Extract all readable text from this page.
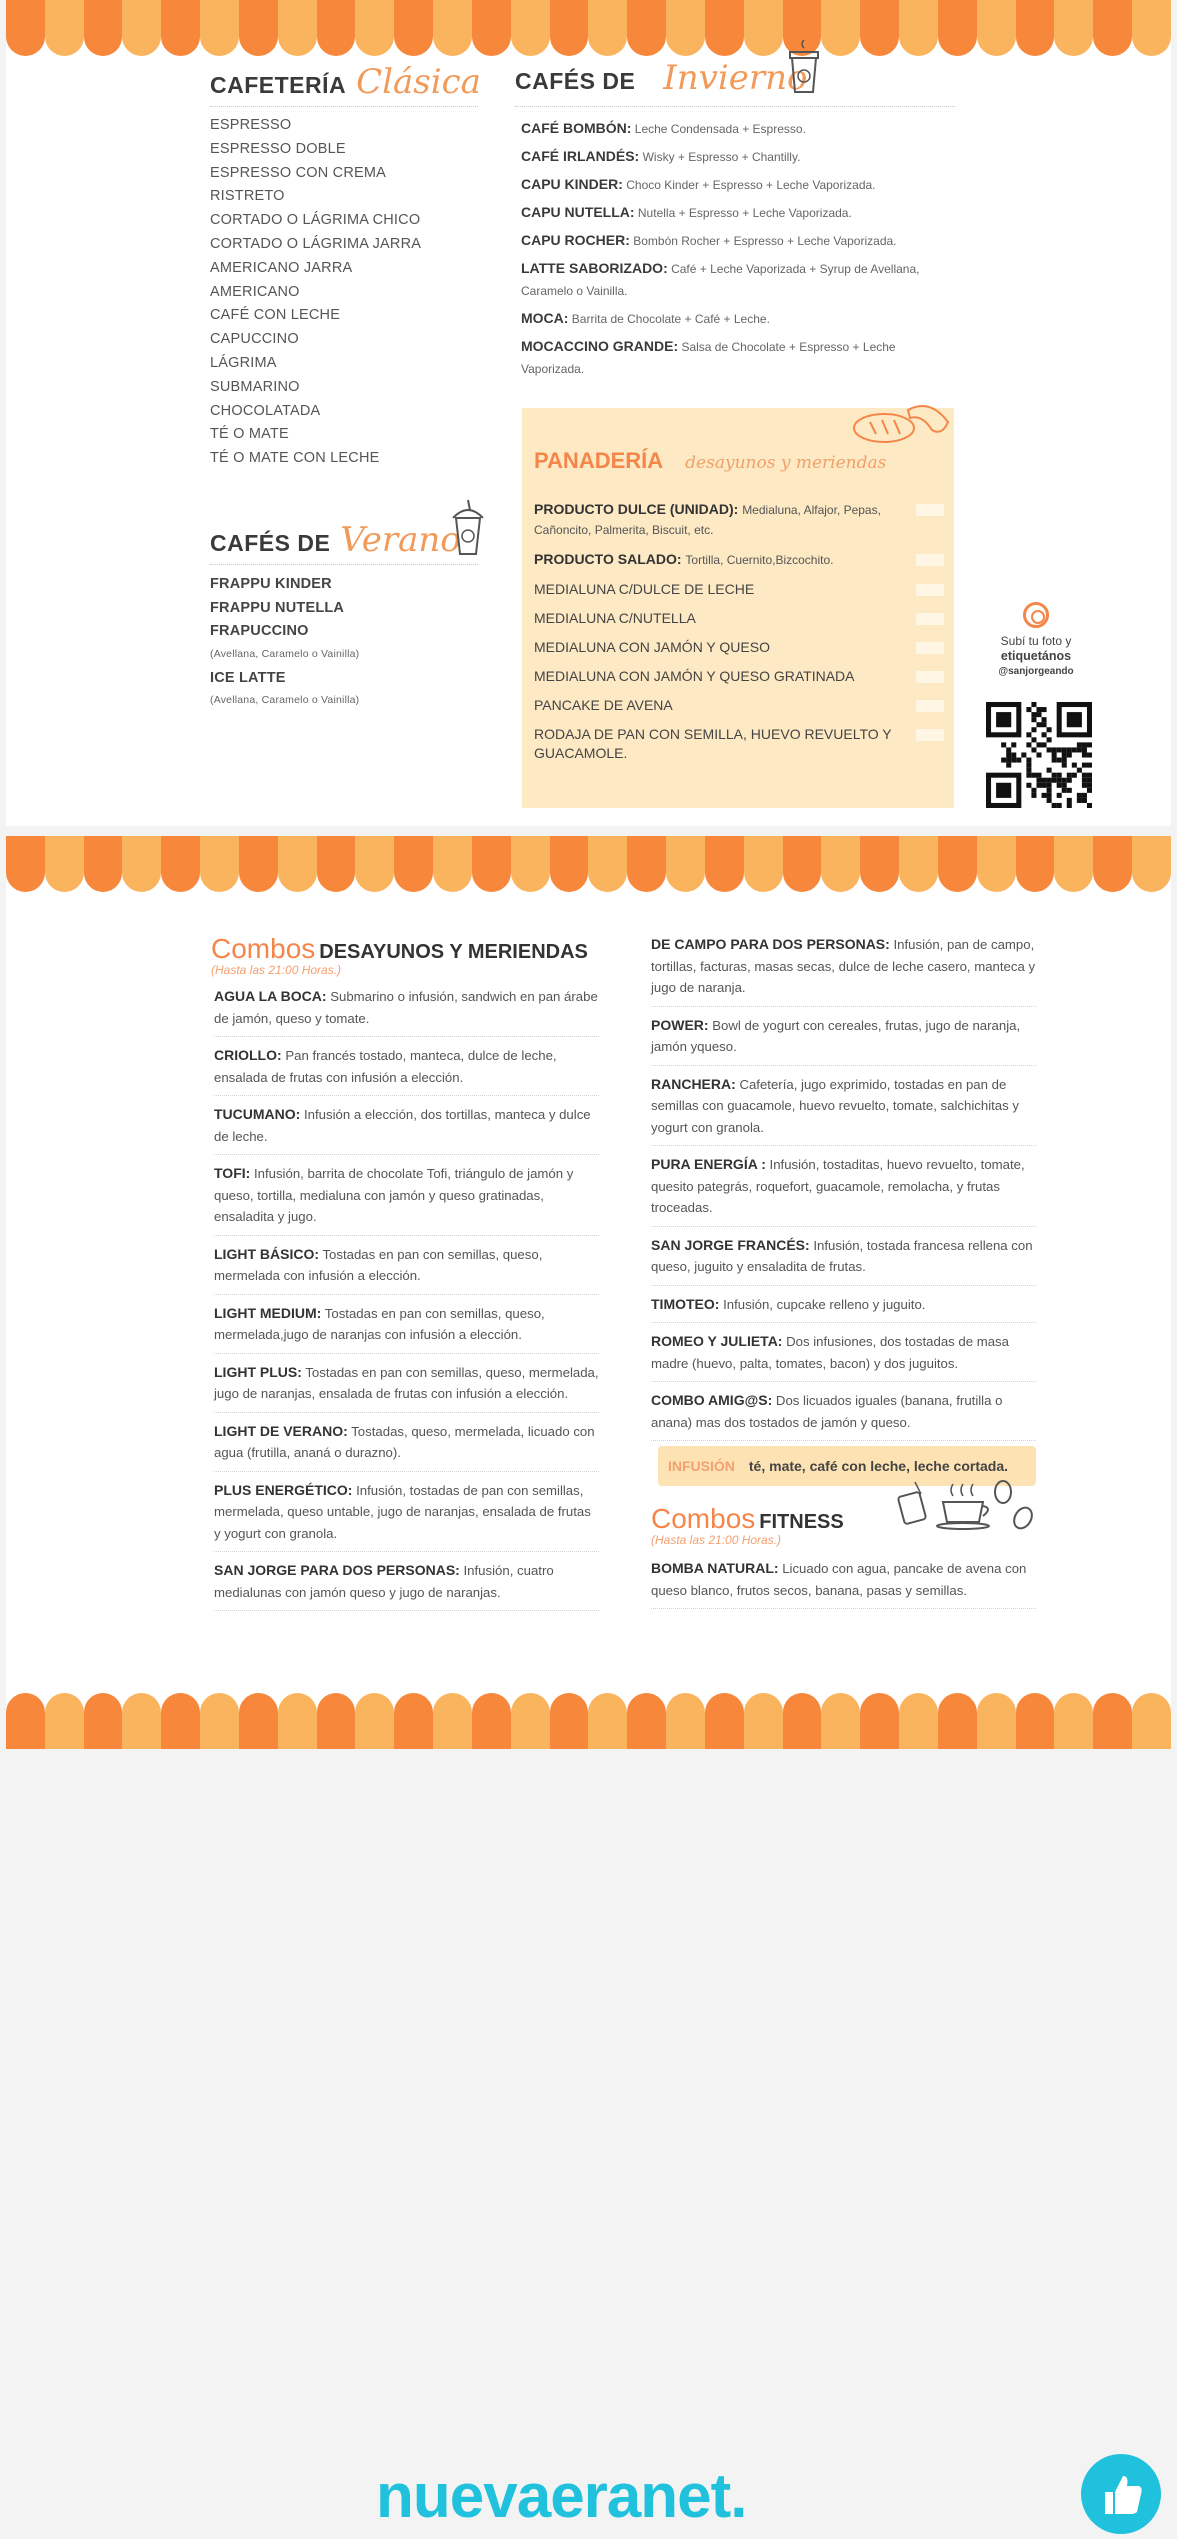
CAFETERÍA Clásica
ESPRESSO
ESPRESSO DOBLE
ESPRESSO CON CREMA
RISTRETO
CORTADO O LÁGRIMA CHICO
CORTADO O LÁGRIMA JARRA
AMERICANO JARRA
AMERICANO
CAFÉ CON LECHE
CAPUCCINO
LÁGRIMA
SUBMARINO
CHOCOLATADA
TÉ O MATE
TÉ O MATE CON LECHE
CAFÉS DE Verano
FRAPPU KINDER
FRAPPU NUTELLA
FRAPUCCINO
(Avellana, Caramelo o Vainilla)
ICE LATTE
(Avellana, Caramelo o Vainilla)
CAFÉS DE Invierno

CAFÉ BOMBÓN: Leche Condensada + Espresso.

CAFÉ IRLANDÉS: Wisky + Espresso + Chantilly.

CAPU KINDER: Choco Kinder + Espresso + Leche Vaporizada.

CAPU NUTELLA: Nutella + Espresso + Leche Vaporizada.

CAPU ROCHER: Bombón Rocher + Espresso + Leche Vaporizada.

LATTE SABORIZADO: Café + Leche Vaporizada + Syrup de Avellana, Caramelo o Vainilla.

MOCA: Barrita de Chocolate + Café + Leche.

MOCACCINO GRANDE: Salsa de Chocolate + Espresso + Leche Vaporizada.

PANADERÍA desayunos y meriendas
PRODUCTO DULCE (UNIDAD): Medialuna, Alfajor, Pepas, Cañoncito, Palmerita, Biscuit, etc.
PRODUCTO SALADO: Tortilla, Cuernito,Bizcochito.
MEDIALUNA C/DULCE DE LECHE
MEDIALUNA C/NUTELLA
MEDIALUNA CON JAMÓN Y QUESO
MEDIALUNA CON JAMÓN Y QUESO GRATINADA
PANCAKE DE AVENA
RODAJA DE PAN CON SEMILLA, HUEVO REVUELTO Y GUACAMOLE.

Subí tu foto y

etiquetános

@sanjorgeando

Combos DESAYUNOS Y MERIENDAS
(Hasta las 21:00 Horas.)

AGUA LA BOCA: Submarino o infusión, sandwich en pan árabe de jamón, queso y tomate.

CRIOLLO: Pan francés tostado, manteca, dulce de leche, ensalada de frutas con infusión a elección.

TUCUMANO: Infusión a elección, dos tortillas, manteca y dulce de leche.

TOFI: Infusión, barrita de chocolate Tofi, triángulo de jamón y queso, tortilla, medialuna con jamón y queso gratinadas, ensaladita y jugo.

LIGHT BÁSICO: Tostadas en pan con semillas, queso, mermelada con infusión a elección.

LIGHT MEDIUM: Tostadas en pan con semillas, queso, mermelada,jugo de naranjas con infusión a elección.

LIGHT PLUS: Tostadas en pan con semillas, queso, mermelada, jugo de naranjas, ensalada de frutas con infusión a elección.

LIGHT DE VERANO: Tostadas, queso, mermelada, licuado con agua (frutilla, ananá o durazno).

PLUS ENERGÉTICO: Infusión, tostadas de pan con semillas, mermelada, queso untable, jugo de naranjas, ensalada de frutas y yogurt con granola.

SAN JORGE PARA DOS PERSONAS: Infusión, cuatro medialunas con jamón queso y jugo de naranjas.

DE CAMPO PARA DOS PERSONAS: Infusión, pan de campo, tortillas, facturas, masas secas, dulce de leche casero, manteca y jugo de naranja.

POWER: Bowl de yogurt con cereales, frutas, jugo de naranja, jamón yqueso.

RANCHERA: Cafetería, jugo exprimido, tostadas en pan de semillas con guacamole, huevo revuelto, tomate, salchichitas y yogurt con granola.

PURA ENERGÍA : Infusión, tostaditas, huevo revuelto, tomate, quesito pategrás, roquefort, guacamole, remolacha, y frutas troceadas.

SAN JORGE FRANCÉS: Infusión, tostada francesa rellena con queso, juguito y ensaladita de frutas.

TIMOTEO: Infusión, cupcake relleno y juguito.

ROMEO Y JULIETA: Dos infusiones, dos tostadas de masa madre (huevo, palta, tomates, bacon) y dos juguitos.

COMBO AMIG@S: Dos licuados iguales (banana, frutilla o anana) mas dos tostados de jamón y queso.

INFUSIÓN té, mate, café con leche, leche cortada.
Combos FITNESS
(Hasta las 21:00 Horas.)

BOMBA NATURAL: Licuado con agua, pancake de avena con queso blanco, frutos secos, banana, pasas y semillas.

nuevaeranet.
